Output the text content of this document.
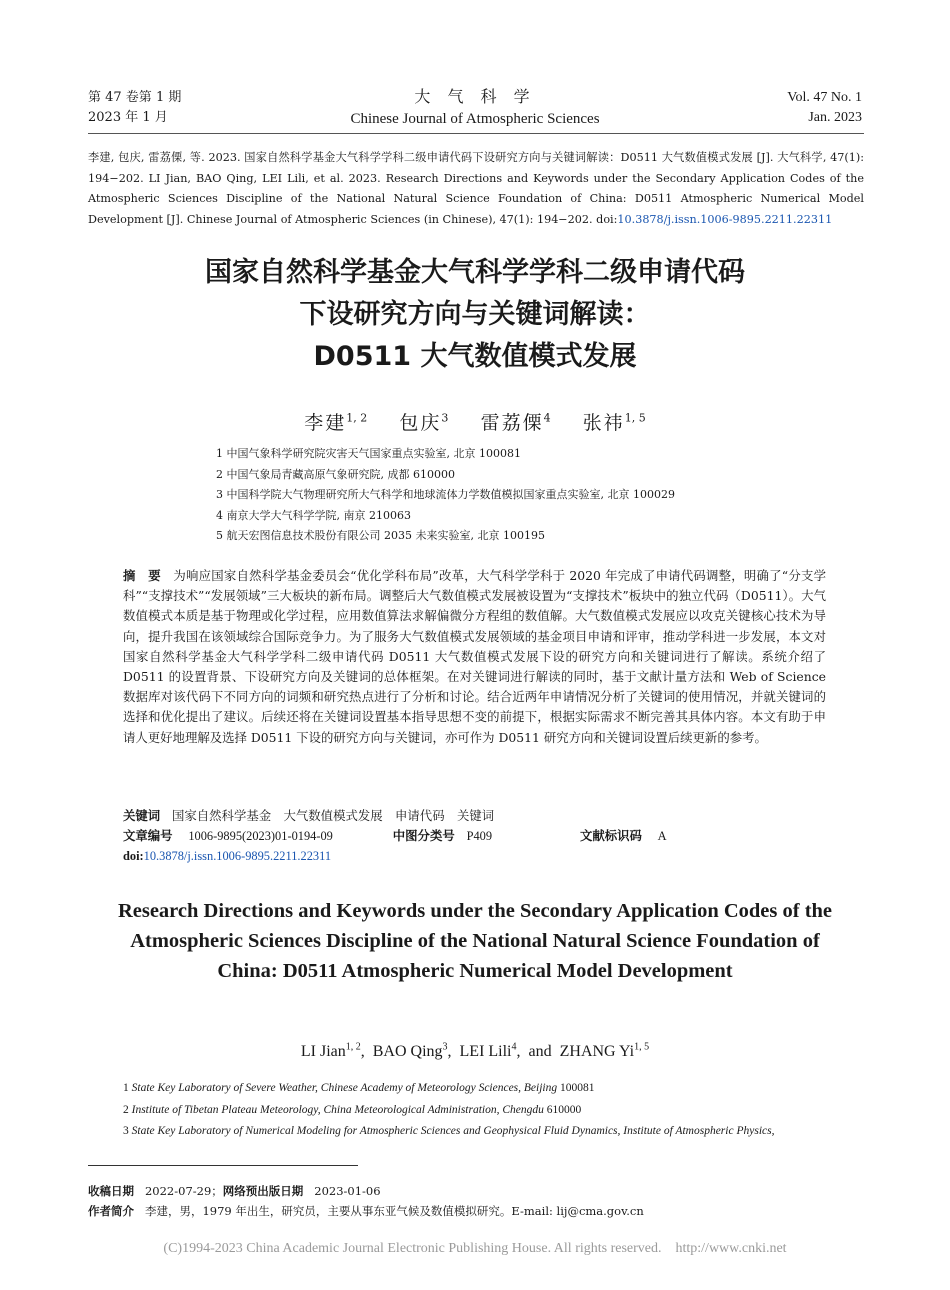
第 47 卷第 1 期
2023 年 1 月
大 气 科 学
Chinese Journal of Atmospheric Sciences
Vol. 47 No. 1
Jan. 2023
李建, 包庆, 雷荔傈, 等. 2023. 国家自然科学基金大气科学学科二级申请代码下设研究方向与关键词解读：D0511 大气数值模式发展 [J]. 大气科学, 47(1): 194−202. LI Jian, BAO Qing, LEI Lili, et al. 2023. Research Directions and Keywords under the Secondary Application Codes of the Atmospheric Sciences Discipline of the National Natural Science Foundation of China: D0511 Atmospheric Numerical Model Development [J]. Chinese Journal of Atmospheric Sciences (in Chinese), 47(1): 194−202. doi:10.3878/j.issn.1006-9895.2211.22311
国家自然科学基金大气科学学科二级申请代码
下设研究方向与关键词解读：
D0511 大气数值模式发展
李建$^{1, 2}$ 包庆$^3$ 雷荔傈$^4$ 张祎$^{1, 5}$
1 中国气象科学研究院灾害天气国家重点实验室, 北京 100081
2 中国气象局青藏高原气象研究院, 成都 610000
3 中国科学院大气物理研究所大气科学和地球流体力学数值模拟国家重点实验室, 北京 100029
4 南京大学大气科学学院, 南京 210063
5 航天宏图信息技术股份有限公司 2035 未来实验室, 北京 100195
摘　要 为响应国家自然科学基金委员会“优化学科布局”改革，大气科学学科于 2020 年完成了申请代码调整，明确了“分支学科”“支撑技术”“发展领域”三大板块的新布局。调整后大气数值模式发展被设置为“支撑技术”板块中的独立代码（D0511）。大气数值模式本质是基于物理或化学过程，应用数值算法求解偏微分方程组的数值解。大气数值模式发展应以攻克关键核心技术为导向，提升我国在该领域综合国际竞争力。为了服务大气数值模式发展领域的基金项目申请和评审，推动学科进一步发展，本文对国家自然科学基金大气科学学科二级申请代码 D0511 大气数值模式发展下设的研究方向和关键词进行了解读。系统介绍了 D0511 的设置背景、下设研究方向及关键词的总体框架。在对关键词进行解读的同时，基于文献计量方法和 Web of Science 数据库对该代码下不同方向的词频和研究热点进行了分析和讨论。结合近两年申请情况分析了关键词的使用情况，并就关键词的选择和优化提出了建议。后续还将在关键词设置基本指导思想不变的前提下，根据实际需求不断完善其具体内容。本文有助于申请人更好地理解及选择 D0511 下设的研究方向与关键词，亦可作为 D0511 研究方向和关键词设置后续更新的参考。
关键词 国家自然科学基金　大气数值模式发展　申请代码　关键词
文章编号 1006-9895(2023)01-0194-09	中图分类号 P409	文献标识码 A
doi:10.3878/j.issn.1006-9895.2211.22311
Research Directions and Keywords under the Secondary Application Codes of the Atmospheric Sciences Discipline of the National Natural Science Foundation of China: D0511 Atmospheric Numerical Model Development
LI Jian$^{1, 2}$,  BAO Qing$^3$,  LEI Lili$^4$,  and  ZHANG Yi$^{1, 5}$
1 State Key Laboratory of Severe Weather, Chinese Academy of Meteorology Sciences, Beijing 100081
2 Institute of Tibetan Plateau Meteorology, China Meteorological Administration, Chengdu 610000
3 State Key Laboratory of Numerical Modeling for Atmospheric Sciences and Geophysical Fluid Dynamics, Institute of Atmospheric Physics,
收稿日期 2022-07-29；网络预出版日期 2023-01-06
作者简介 李建，男，1979 年出生，研究员，主要从事东亚气候及数值模拟研究。E-mail: lij@cma.gov.cn
(C)1994-2023 China Academic Journal Electronic Publishing House. All rights reserved.    http://www.cnki.net
